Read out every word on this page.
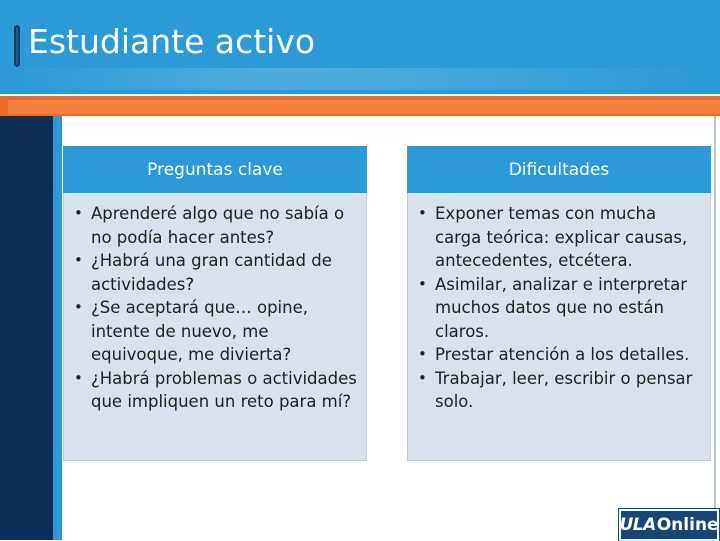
Estudiante activo
Preguntas clave
• Aprenderé algo que no sabía o no podía hacer antes?
• ¿Habrá una gran cantidad de actividades?
• ¿Se aceptará que… opine, intente de nuevo, me equivoque, me divierta?
• ¿Habrá problemas o actividades que impliquen un reto para mí?
Dificultades
• Exponer temas con mucha carga teórica: explicar causas, antecedentes, etcétera.
• Asimilar, analizar e interpretar muchos datos que no están claros.
• Prestar atención a los detalles.
• Trabajar, leer, escribir o pensar solo.
ULA Online
